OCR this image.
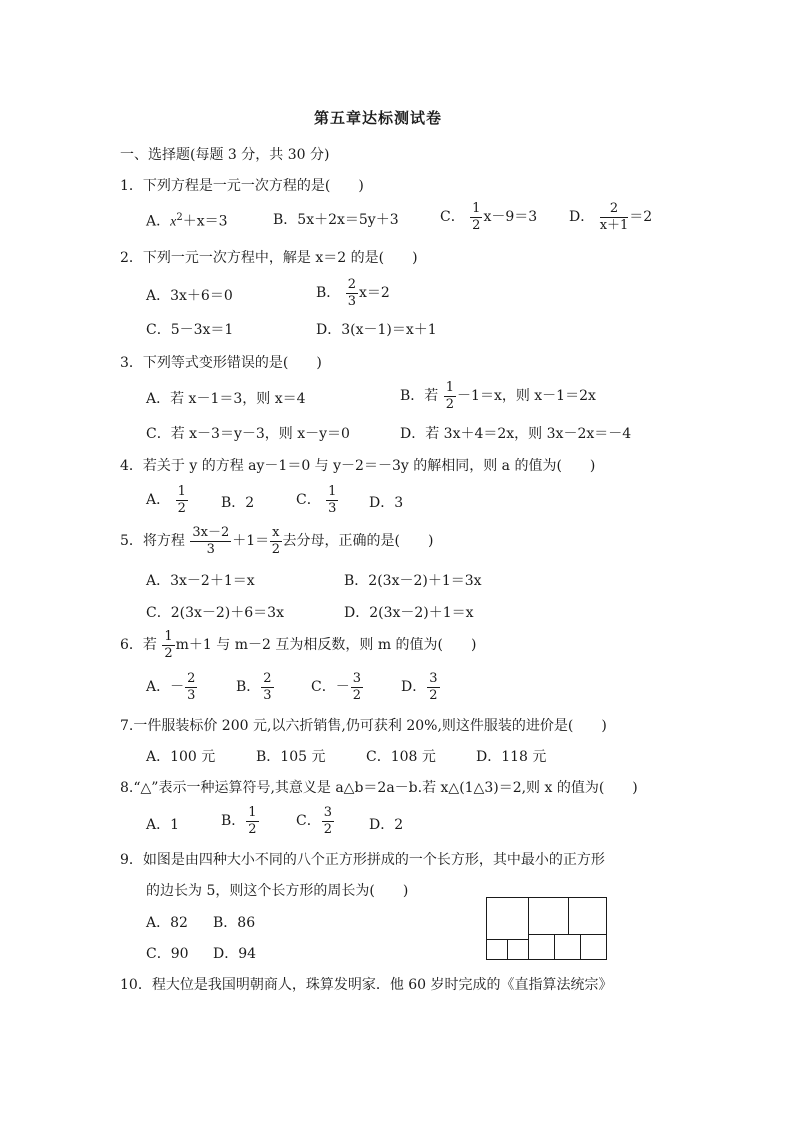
第五章达标测试卷
一、选择题(每题 3 分，共 30 分)
1．下列方程是一元一次方程的是(　　)
A．$x^2+x=3$	B．5x＋2x＝5y＋3	C． $\frac{1}{2} x-9=3$ D． $\frac{2}{x+1} =2$
2．下列一元一次方程中，解是 x＝2 的是(　　)
A．3x＋6＝0	B． $\frac{2}{3} x=2$
C．5－3x＝1	D．3(x－1)＝x＋1
3．下列等式变形错误的是(　　)
A．若 x－1＝3，则 x＝4	B．若 $\frac{1}{2} -1=x$，则 x－1＝2x
C．若 x－3＝y－3，则 x－y＝0	D．若 3x＋4＝2x，则 3x－2x＝－4
4．若关于 y 的方程 ay－1＝0 与 y－2＝－3y 的解相同，则 a 的值为(　　)
A． $\frac{1}{2}$ B．2	C． $\frac{1}{3}$ D．3
5．将方程 $\frac{3x-2}{3} +1= \frac{x}{2}$ 去分母，正确的是(　　)
A．3x－2＋1＝x	B．2(3x－2)＋1＝3x
C．2(3x－2)＋6＝3x	D．2(3x－2)＋1＝x
6．若 $\frac{1}{2} m+1$ 与 m－2 互为相反数，则 m 的值为(　　)
A．－ $\frac{2}{3}$	B． $\frac{2}{3}$	C．－ $\frac{3}{2}$	D． $\frac{3}{2}$
7.一件服装标价 200 元,以六折销售,仍可获利 20%,则这件服装的进价是(　　)
A．100 元	B．105 元	C．108 元	D．118 元
8.“△”表示一种运算符号,其意义是 a△b＝2a－b.若 x△(1△3)＝2,则 x 的值为(　　)
A．1	B． $\frac{1}{2}$	C． $\frac{3}{2}$	D．2
9．如图是由四种大小不同的八个正方形拼成的一个长方形，其中最小的正方形
的边长为 5，则这个长方形的周长为(　　)
A．82 B．86
C．90 D．94
10．程大位是我国明朝商人，珠算发明家．他 60 岁时完成的《直指算法统宗》
